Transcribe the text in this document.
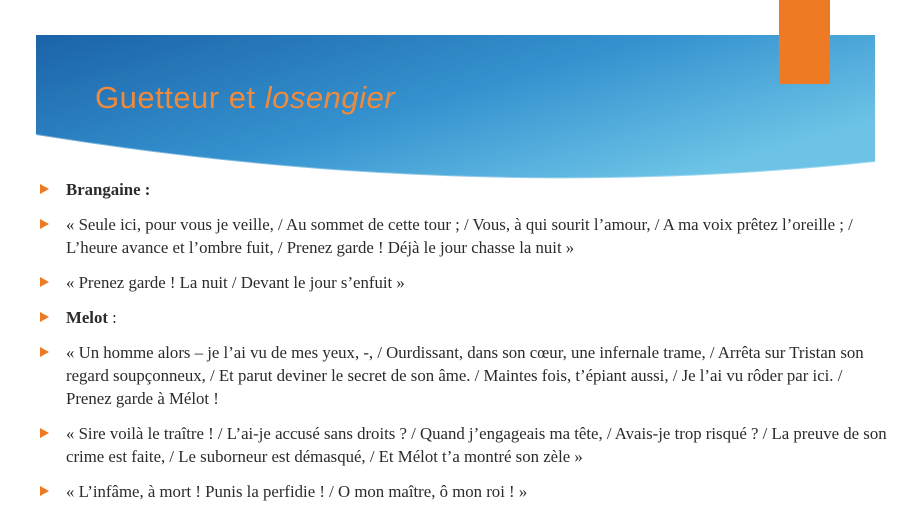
Guetteur et losengier
Brangaine :
« Seule ici, pour vous je veille, / Au sommet de cette tour ; / Vous, à qui sourit l’amour, / A ma voix prêtez l’oreille ; / L’heure avance et l’ombre fuit, / Prenez garde ! Déjà le jour chasse la nuit »
« Prenez garde ! La nuit / Devant le jour s’enfuit »
Melot :
« Un homme alors – je l’ai vu de mes yeux, -, / Ourdissant, dans son cœur, une infernale trame, / Arrêta sur Tristan son regard soupçonneux, / Et parut deviner le secret de son âme. / Maintes fois, t’épiant aussi, / Je l’ai vu rôder par ici. / Prenez garde à Mélot !
« Sire voilà le traître ! / L’ai-je accusé sans droits ? / Quand j’engageais ma tête, / Avais-je trop risqué ? / La preuve de son crime est faite, / Le suborneur est démasqué, / Et Mélot t’a montré son zèle »
« L’infâme, à mort ! Punis la perfidie ! / O mon maître, ô mon roi ! »
